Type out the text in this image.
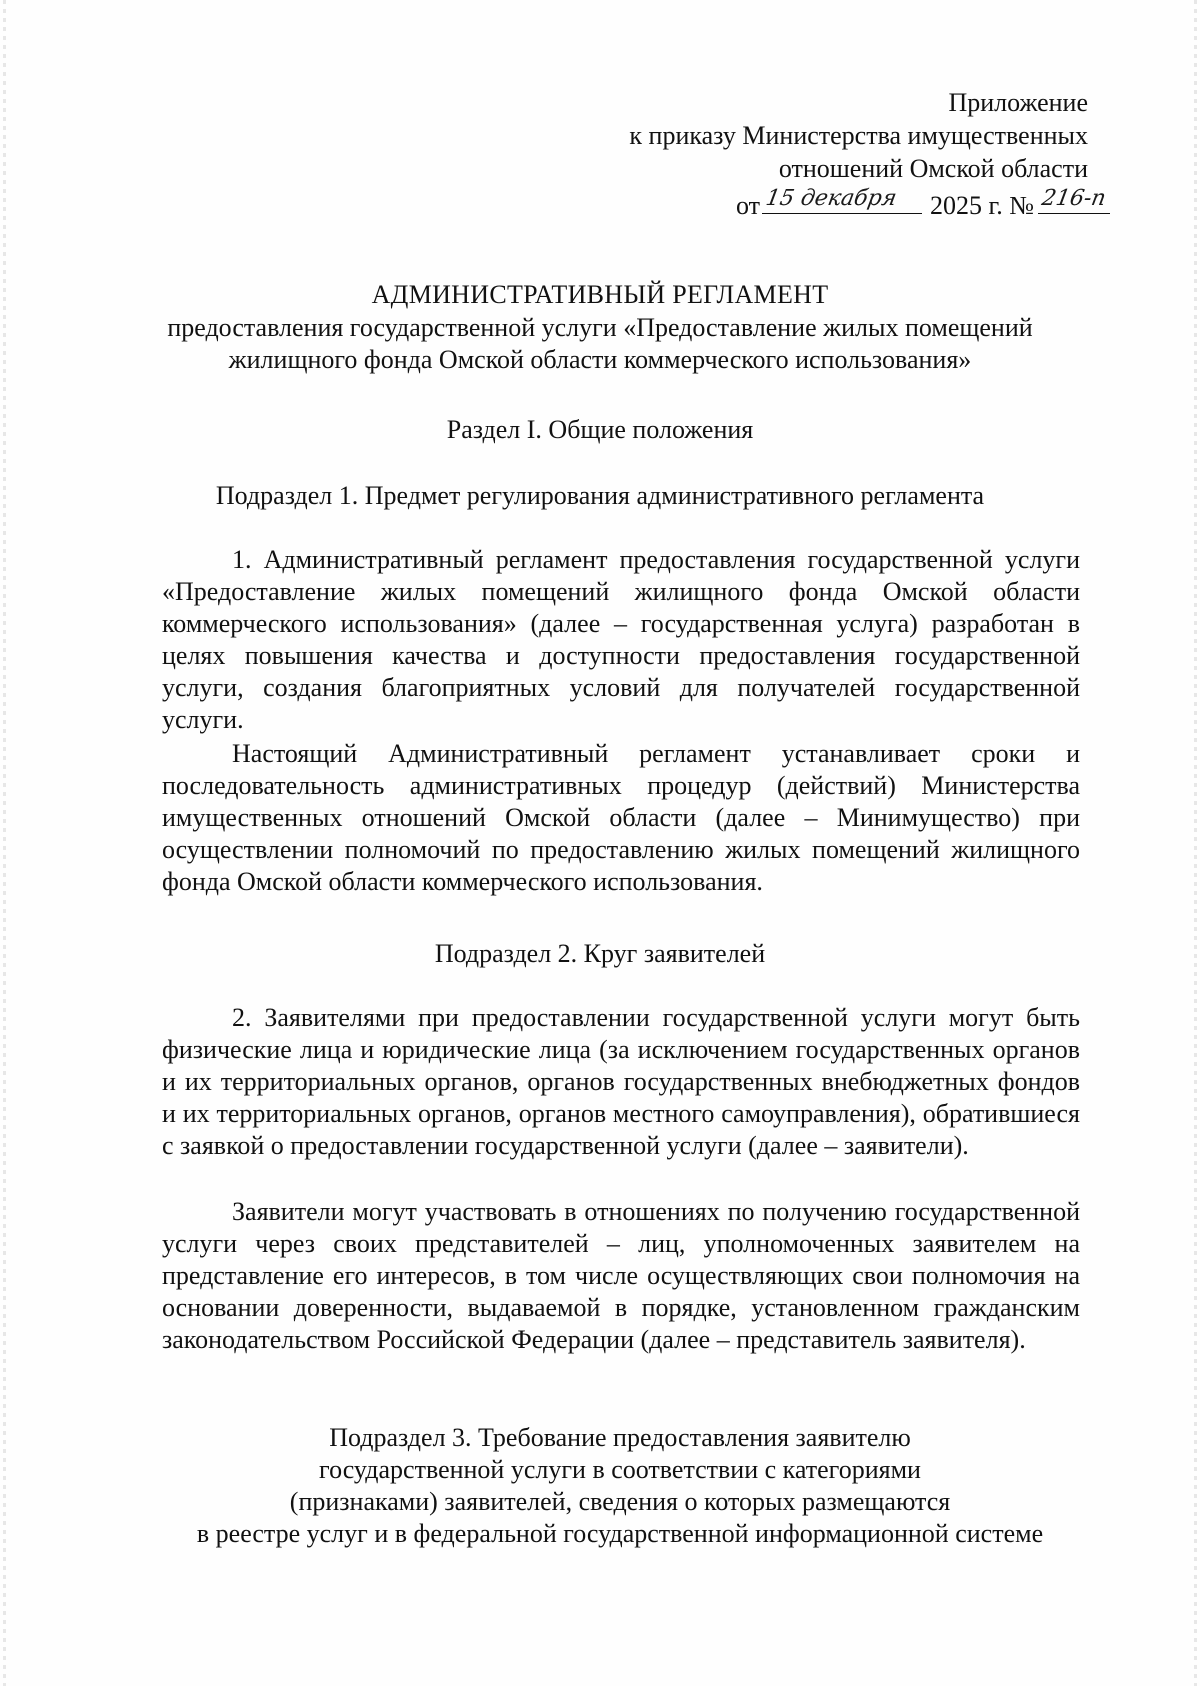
Приложение
к приказу Министерства имущественных
отношений Омской области
от 15 декабря 2025 г. № 216-п
АДМИНИСТРАТИВНЫЙ РЕГЛАМЕНТ
предоставления государственной услуги «Предоставление жилых помещений жилищного фонда Омской области коммерческого использования»
Раздел I. Общие положения
Подраздел 1. Предмет регулирования административного регламента

1. Административный регламент предоставления государственной услуги «Предоставление жилых помещений жилищного фонда Омской области коммерческого использования» (далее – государственная услуга) разработан в целях повышения качества и доступности предоставления государственной услуги, создания благоприятных условий для получателей государственной услуги.

Настоящий Административный регламент устанавливает сроки и последовательность административных процедур (действий) Министерства имущественных отношений Омской области (далее – Минимущество) при осуществлении полномочий по предоставлению жилых помещений жилищного фонда Омской области коммерческого использования.

Подраздел 2. Круг заявителей

2. Заявителями при предоставлении государственной услуги могут быть физические лица и юридические лица (за исключением государственных органов и их территориальных органов, органов государственных внебюджетных фондов и их территориальных органов, органов местного самоуправления), обратившиеся с заявкой о предоставлении государственной услуги (далее – заявители).

Заявители могут участвовать в отношениях по получению государственной услуги через своих представителей – лиц, уполномоченных заявителем на представление его интересов, в том числе осуществляющих свои полномочия на основании доверенности, выдаваемой в порядке, установленном гражданским законодательством Российской Федерации (далее – представитель заявителя).

Подраздел 3. Требование предоставления заявителю
государственной услуги в соответствии с категориями
(признаками) заявителей, сведения о которых размещаются
в реестре услуг и в федеральной государственной информационной системе
